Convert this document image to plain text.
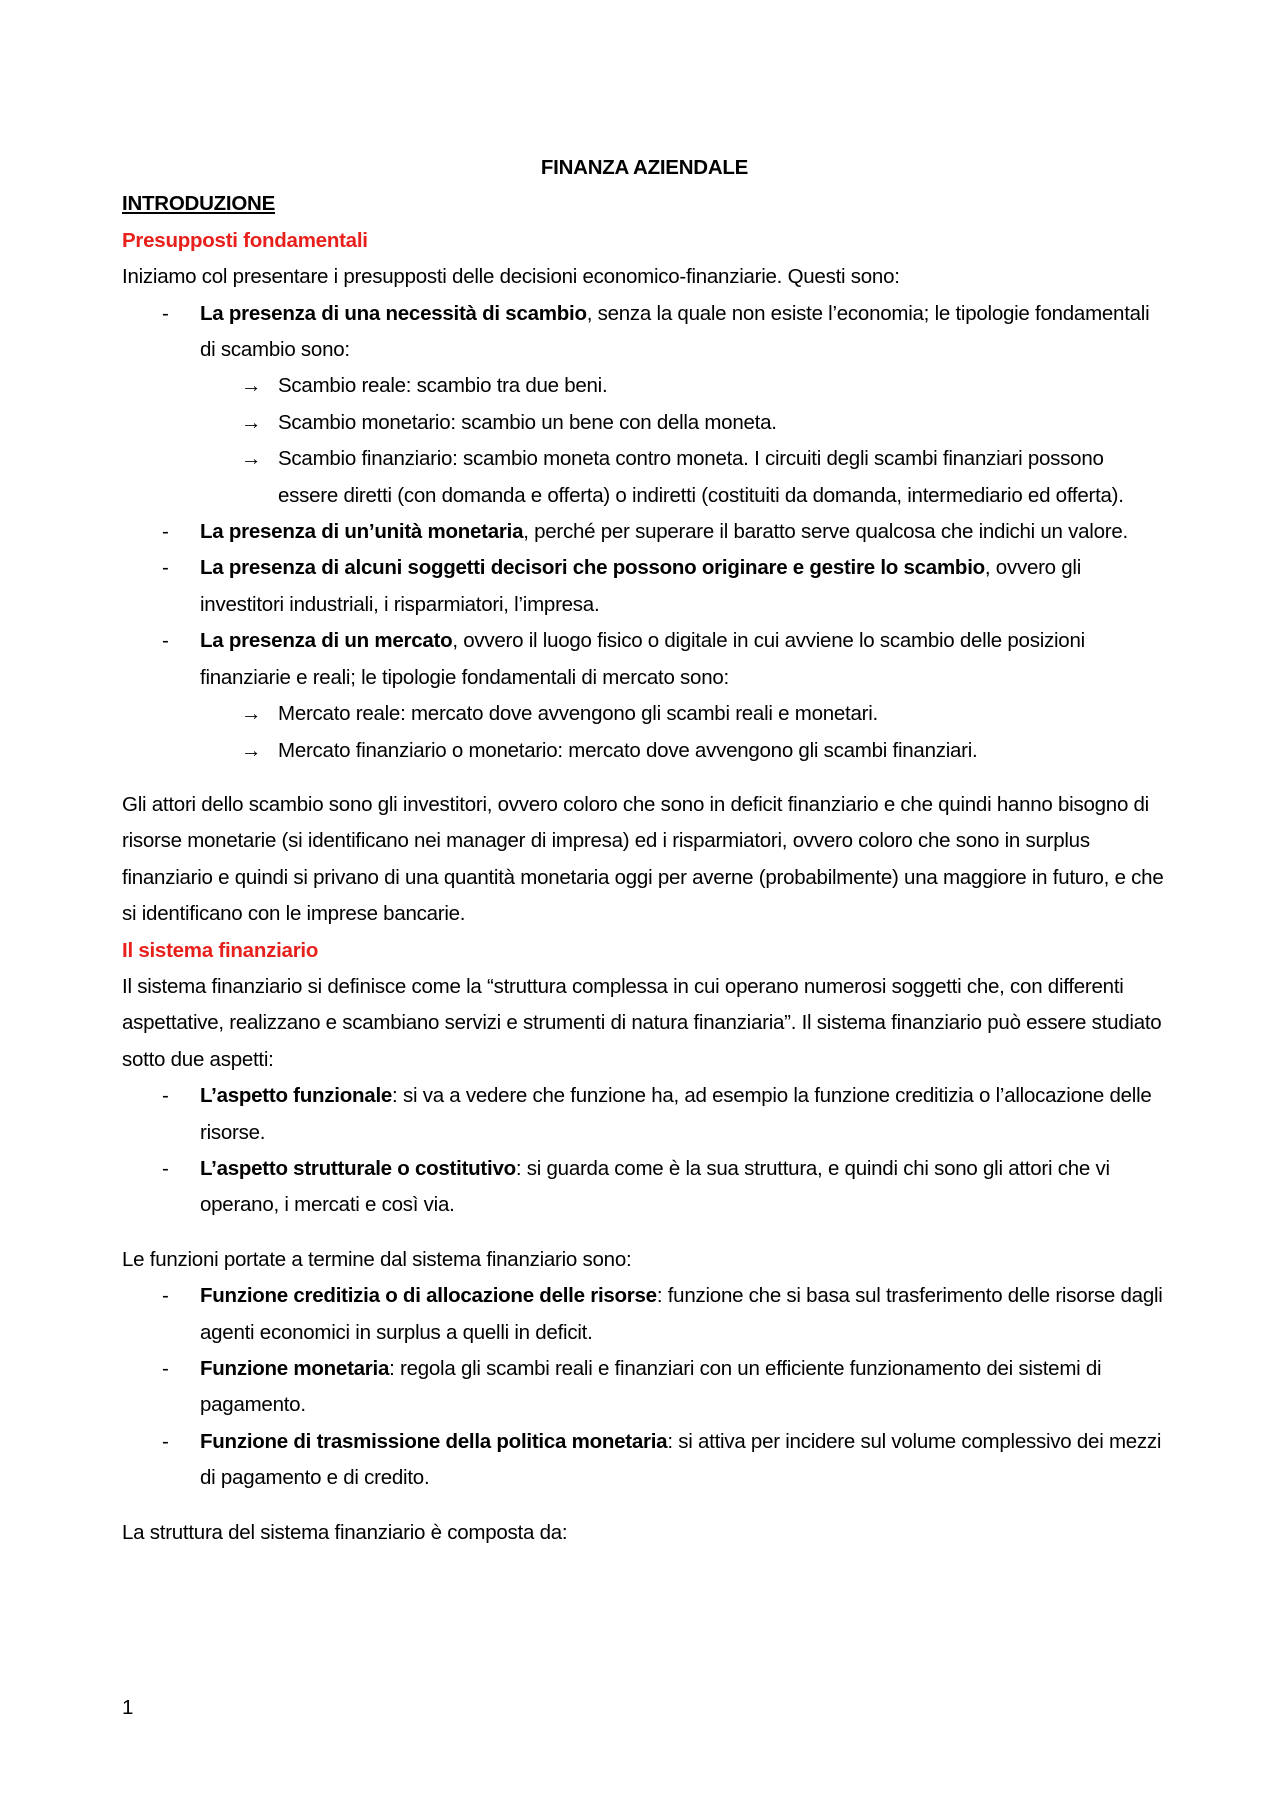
FINANZA AZIENDALE

INTRODUZIONE

Presupposti fondamentali

Iniziamo col presentare i presupposti delle decisioni economico-finanziarie. Questi sono:

- La presenza di una necessità di scambio, senza la quale non esiste l’economia; le tipologie fondamentali di scambio sono:
→ Scambio reale: scambio tra due beni.
→ Scambio monetario: scambio un bene con della moneta.
→ Scambio finanziario: scambio moneta contro moneta. I circuiti degli scambi finanziari possono essere diretti (con domanda e offerta) o indiretti (costituiti da domanda, intermediario ed offerta).
- La presenza di un’unità monetaria, perché per superare il baratto serve qualcosa che indichi un valore.
- La presenza di alcuni soggetti decisori che possono originare e gestire lo scambio, ovvero gli investitori industriali, i risparmiatori, l’impresa.
- La presenza di un mercato, ovvero il luogo fisico o digitale in cui avviene lo scambio delle posizioni finanziarie e reali; le tipologie fondamentali di mercato sono:
→ Mercato reale: mercato dove avvengono gli scambi reali e monetari.
→ Mercato finanziario o monetario: mercato dove avvengono gli scambi finanziari.

Gli attori dello scambio sono gli investitori, ovvero coloro che sono in deficit finanziario e che quindi hanno bisogno di risorse monetarie (si identificano nei manager di impresa) ed i risparmiatori, ovvero coloro che sono in surplus finanziario e quindi si privano di una quantità monetaria oggi per averne (probabilmente) una maggiore in futuro, e che si identificano con le imprese bancarie.

Il sistema finanziario

Il sistema finanziario si definisce come la “struttura complessa in cui operano numerosi soggetti che, con differenti aspettative, realizzano e scambiano servizi e strumenti di natura finanziaria”. Il sistema finanziario può essere studiato sotto due aspetti:

- L’aspetto funzionale: si va a vedere che funzione ha, ad esempio la funzione creditizia o l’allocazione delle risorse.
- L’aspetto strutturale o costitutivo: si guarda come è la sua struttura, e quindi chi sono gli attori che vi operano, i mercati e così via.

Le funzioni portate a termine dal sistema finanziario sono:

- Funzione creditizia o di allocazione delle risorse: funzione che si basa sul trasferimento delle risorse dagli agenti economici in surplus a quelli in deficit.
- Funzione monetaria: regola gli scambi reali e finanziari con un efficiente funzionamento dei sistemi di pagamento.
- Funzione di trasmissione della politica monetaria: si attiva per incidere sul volume complessivo dei mezzi di pagamento e di credito.

La struttura del sistema finanziario è composta da:

1
